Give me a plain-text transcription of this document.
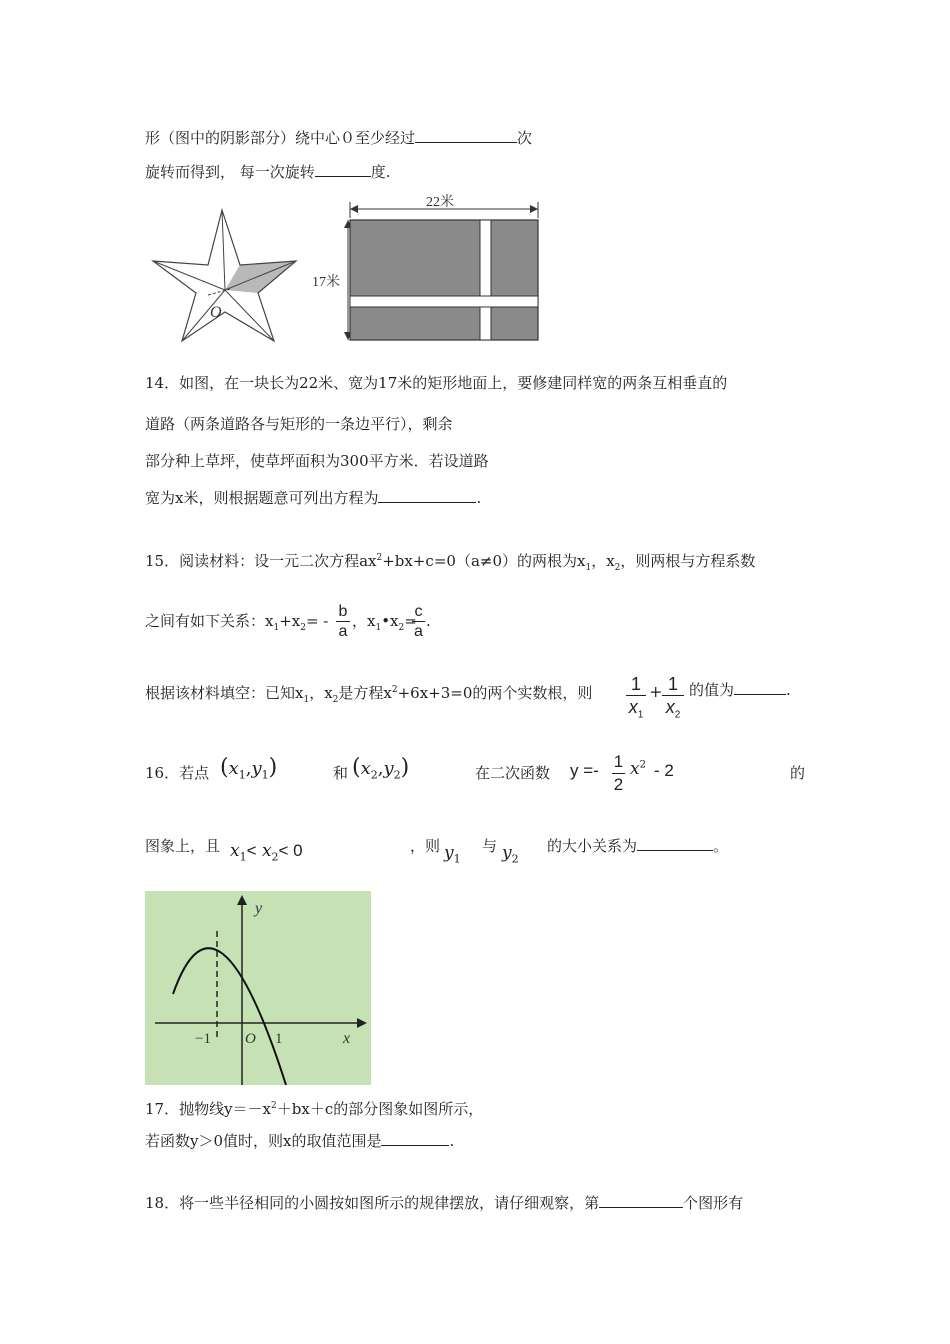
形（图中的阴影部分）绕中心０至少经过	次
旋转而得到， 每一次旋转	度.
O
22米
17米
14．如图，在一块长为22米、宽为17米的矩形地面上，要修建同样宽的两条互相垂直的
道路（两条道路各与矩形的一条边平行），剩余
部分种上草坪，使草坪面积为300平方米．若设道路
宽为x米，则根据题意可列出方程为	.
15．阅读材料：设一元二次方程$ax^2+bx+c=0(a\ne 0)$的两根为$x_1$，$x_2$，则两根与方程系数
之间有如下关系：$x_1+x_2=$ -
b
a
，$x_1•x_2=$
c
a
.
根据该材料填空：已知$x_1$，$x_2$是方程$x^2+6x+3=0$的两个实数根，则 1
$x_1$
+ 1
$x_2$
的值为	.
16．若点 $(x_1,y_1)$	和 $(x_2,y_2)$	在二次函数 y =- 1
2
$x^2 - 2$	的
图象上，且 $x_1< x_2< 0$	，则 $y_1$
与 $y_2$
的大小关系为	。
y
x
−1 O 1
17．抛物线$y=-x^2+bx+c$的部分图象如图所示，
若函数y＞0值时，则x的取值范围是	.
18．将一些半径相同的小圆按如图所示的规律摆放，请仔细观察，第	个图形有
